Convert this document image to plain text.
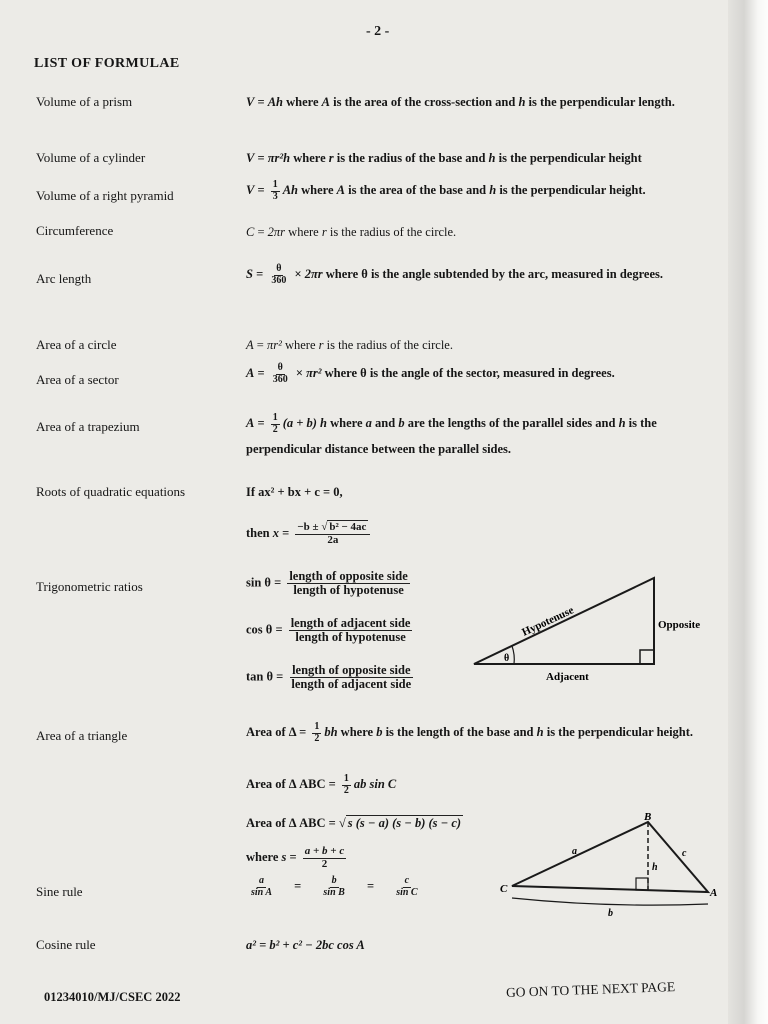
- 2 -
LIST OF FORMULAE
Volume of a prism	V = Ah where A is the area of the cross-section and h is the perpendicular length.
Volume of a cylinder	V = πr²h where r is the radius of the base and h is the perpendicular height
Volume of a right pyramid	$V = \frac{1}{3}$ Ah where A is the area of the base and h is the perpendicular height.
Circumference	C = 2πr where r is the radius of the circle.
Arc length	$S = \frac{\theta}{360} \times 2\pi r$ where θ is the angle subtended by the arc, measured in degrees.
Area of a circle	A = πr² where r is the radius of the circle.
Area of a sector	$A = \frac{\theta}{360} \times \pi r^2$ where θ is the angle of the sector, measured in degrees.
Area of a trapezium	$A = \frac{1}{2} (a + b)$ h where a and b are the lengths of the parallel sides and h is the perpendicular distance between the parallel sides.
Roots of quadratic equations	If ax² + bx + c = 0,
then $x = \frac{\text{−b ± √ b² − 4ac}}{2a}$
Trigonometric ratios	$\sin \theta = \frac{\text{length of opposite side}}{\text{length of hypotenuse}}$
$\cos \theta = \frac{\text{length of adjacent side}}{\text{length of hypotenuse}}$
$\tan \theta = \frac{\text{length of opposite side}}{\text{length of adjacent side}}$
θ
Hypotenuse	Opposite
Adjacent
Area of a triangle	Area of $\Delta = \frac{1}{2}$ bh where b is the length of the base and h is the perpendicular height.
Area of Δ ABC = $\frac{1}{2}$ ab sin C
Area of Δ ABC = √ s (s − a) (s − b) (s − c)
where $s = \frac{a + b + c}{2}$
Sine rule	$\frac{a}{\text{sin A}} = \frac{b}{\text{sin B}} = \frac{c}{\text{sin C}}$
Cosine rule	a² = b² + c² − 2bc cos A
C
B
A
a	c
h
b
01234010/MJ/CSEC 2022	GO ON TO THE NEXT PAGE
